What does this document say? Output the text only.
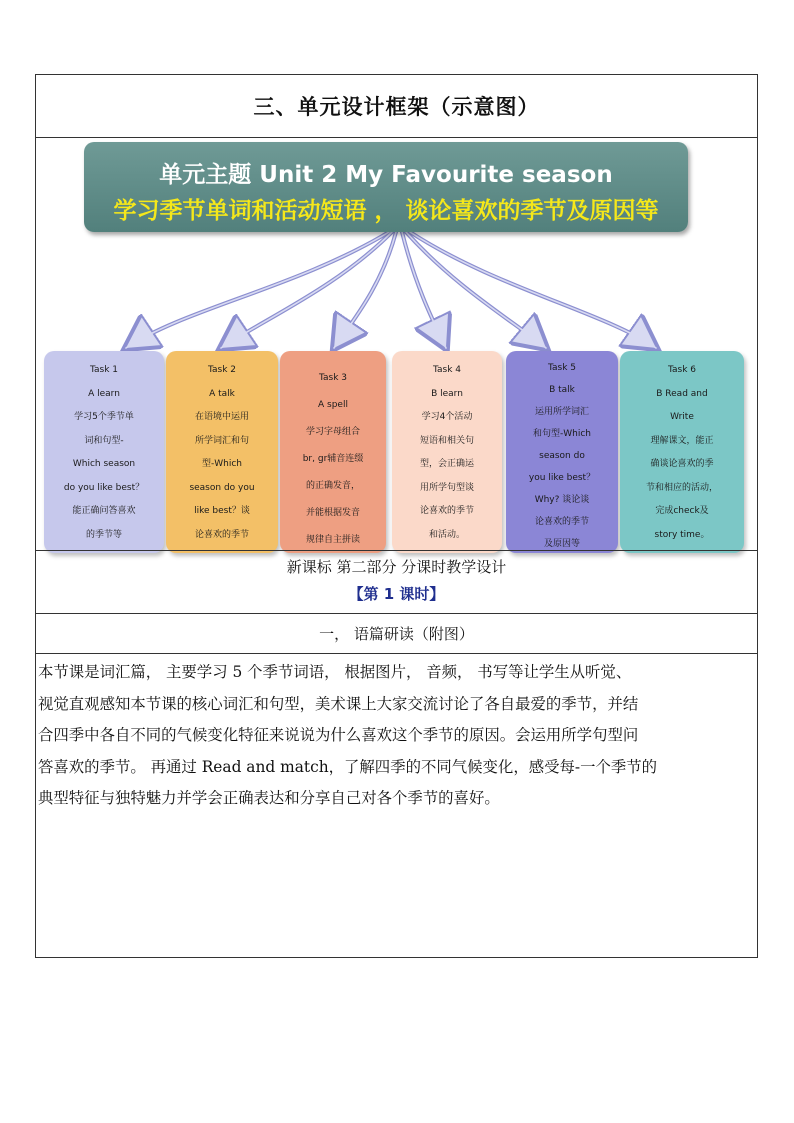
三、单元设计框架（示意图）
单元主题 Unit 2 My Favourite season
学习季节单词和活动短语 ， 谈论喜欢的季节及原因等
Task 1
A learn
学习5个季节单
词和句型-
Which season
do you like best？
能正确问答喜欢
的季节等
Task 2
A talk
在语境中运用
所学词汇和句
型-Which
season do you
like best？谈
论喜欢的季节
Task 3
A spell
学习字母组合
br, gr辅音连缀
的正确发音，
并能根据发音
规律自主拼读
Task 4
B learn
学习4个活动
短语和相关句
型，会正确运
用所学句型谈
论喜欢的季节
和活动。
Task 5
B talk
运用所学词汇
和句型-Which
season do
you like best？
Why? 谈论谈
论喜欢的季节
及原因等
Task 6
B Read and
Write
理解课文，能正
确谈论喜欢的季
节和相应的活动，
完成check及
story time。
新课标 第二部分 分课时教学设计
【第 1 课时】
一， 语篇研读（附图）
本节课是词汇篇， 主要学习 5 个季节词语， 根据图片， 音频， 书写等让学生从听觉、
视觉直观感知本节课的核心词汇和句型，美术课上大家交流讨论了各自最爱的季节，并结
合四季中各自不同的气候变化特征来说说为什么喜欢这个季节的原因。会运用所学句型问
答喜欢的季节。 再通过 Read and match，了解四季的不同气候变化，感受每-一个季节的
典型特征与独特魅力并学会正确表达和分享自己对各个季节的喜好。
